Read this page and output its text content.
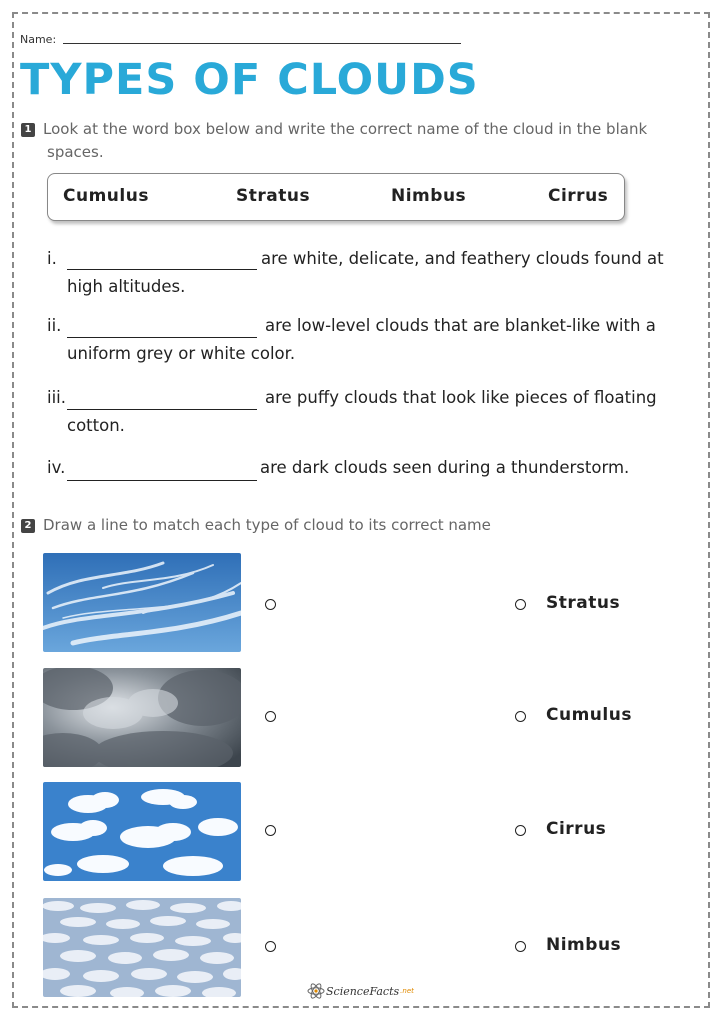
Name:
TYPES OF CLOUDS
1 Look at the word box below and write the correct name of the cloud in the blank
spaces.
Cumulus	Stratus	Nimbus	Cirrus
i.	are white, delicate, and feathery clouds found at
high altitudes.
ii.	are low-level clouds that are blanket-like with a
uniform grey or white color.
iii.	are puffy clouds that look like pieces of floating
cotton.
iv.	are dark clouds seen during a thunderstorm.
2 Draw a line to match each type of cloud to its correct name
Stratus
Cumulus
Cirrus
Nimbus
ScienceFacts .net
